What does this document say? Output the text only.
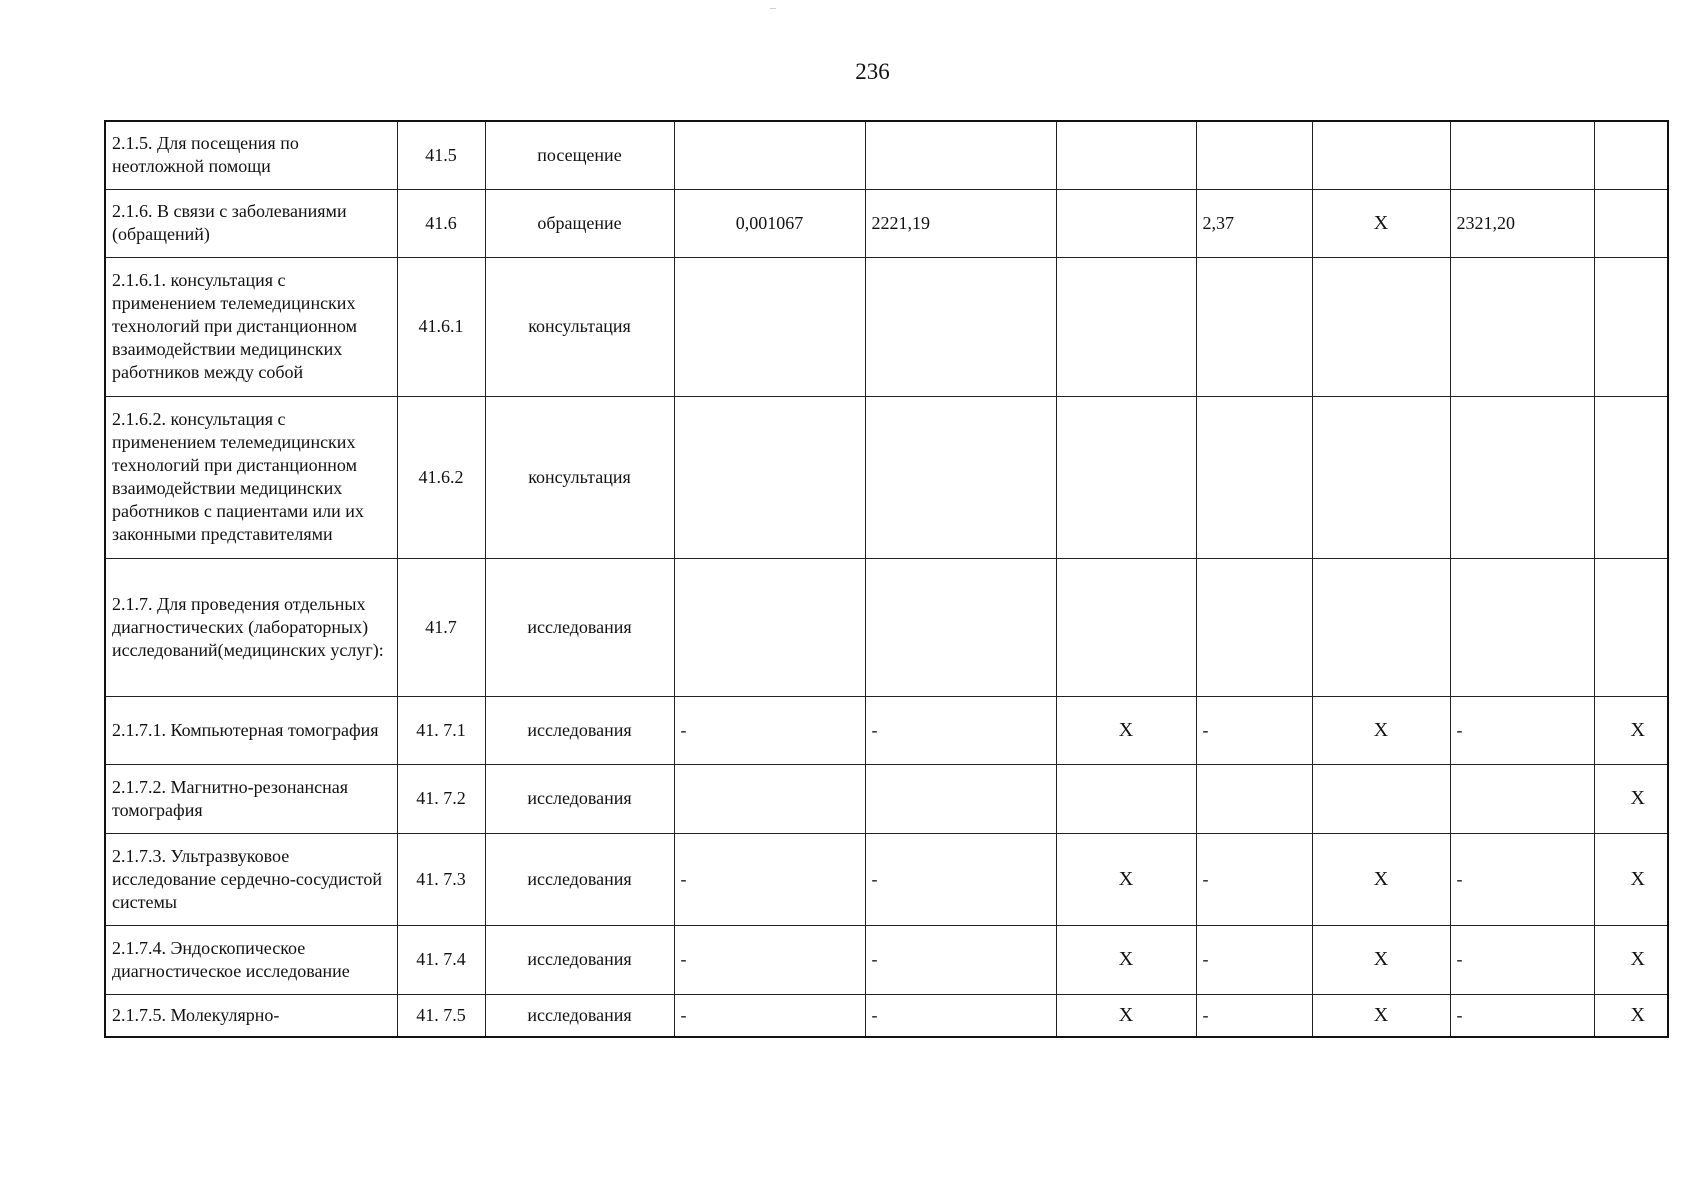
236
2.1.5. Для посещения по неотложной помощи	41.5	посещение							
2.1.6. В связи с заболеваниями (обращений)	41.6	обращение	0,001067	2221,19		2,37	X	2321,20	
2.1.6.1. консультация с применением телемедицинских технологий при дистанционном взаимодействии медицинских работников между собой	41.6.1	консультация							
2.1.6.2. консультация с применением телемедицинских технологий при дистанционном взаимодействии медицинских работников с пациентами или их законными представителями	41.6.2	консультация							
2.1.7. Для проведения отдельных диагностических (лабораторных) исследований(медицинских услуг):	41.7	исследования							
2.1.7.1. Компьютерная томография	41. 7.1	исследования	-	-	X	-	X	-	X
2.1.7.2. Магнитно-резонансная томография	41. 7.2	исследования							X
2.1.7.3. Ультразвуковое исследование сердечно-сосудистой системы	41. 7.3	исследования	-	-	X	-	X	-	X
2.1.7.4. Эндоскопическое диагностическое исследование	41. 7.4	исследования	-	-	X	-	X	-	X
2.1.7.5. Молекулярно-	41. 7.5	исследования	-	-	X	-	X	-	X
